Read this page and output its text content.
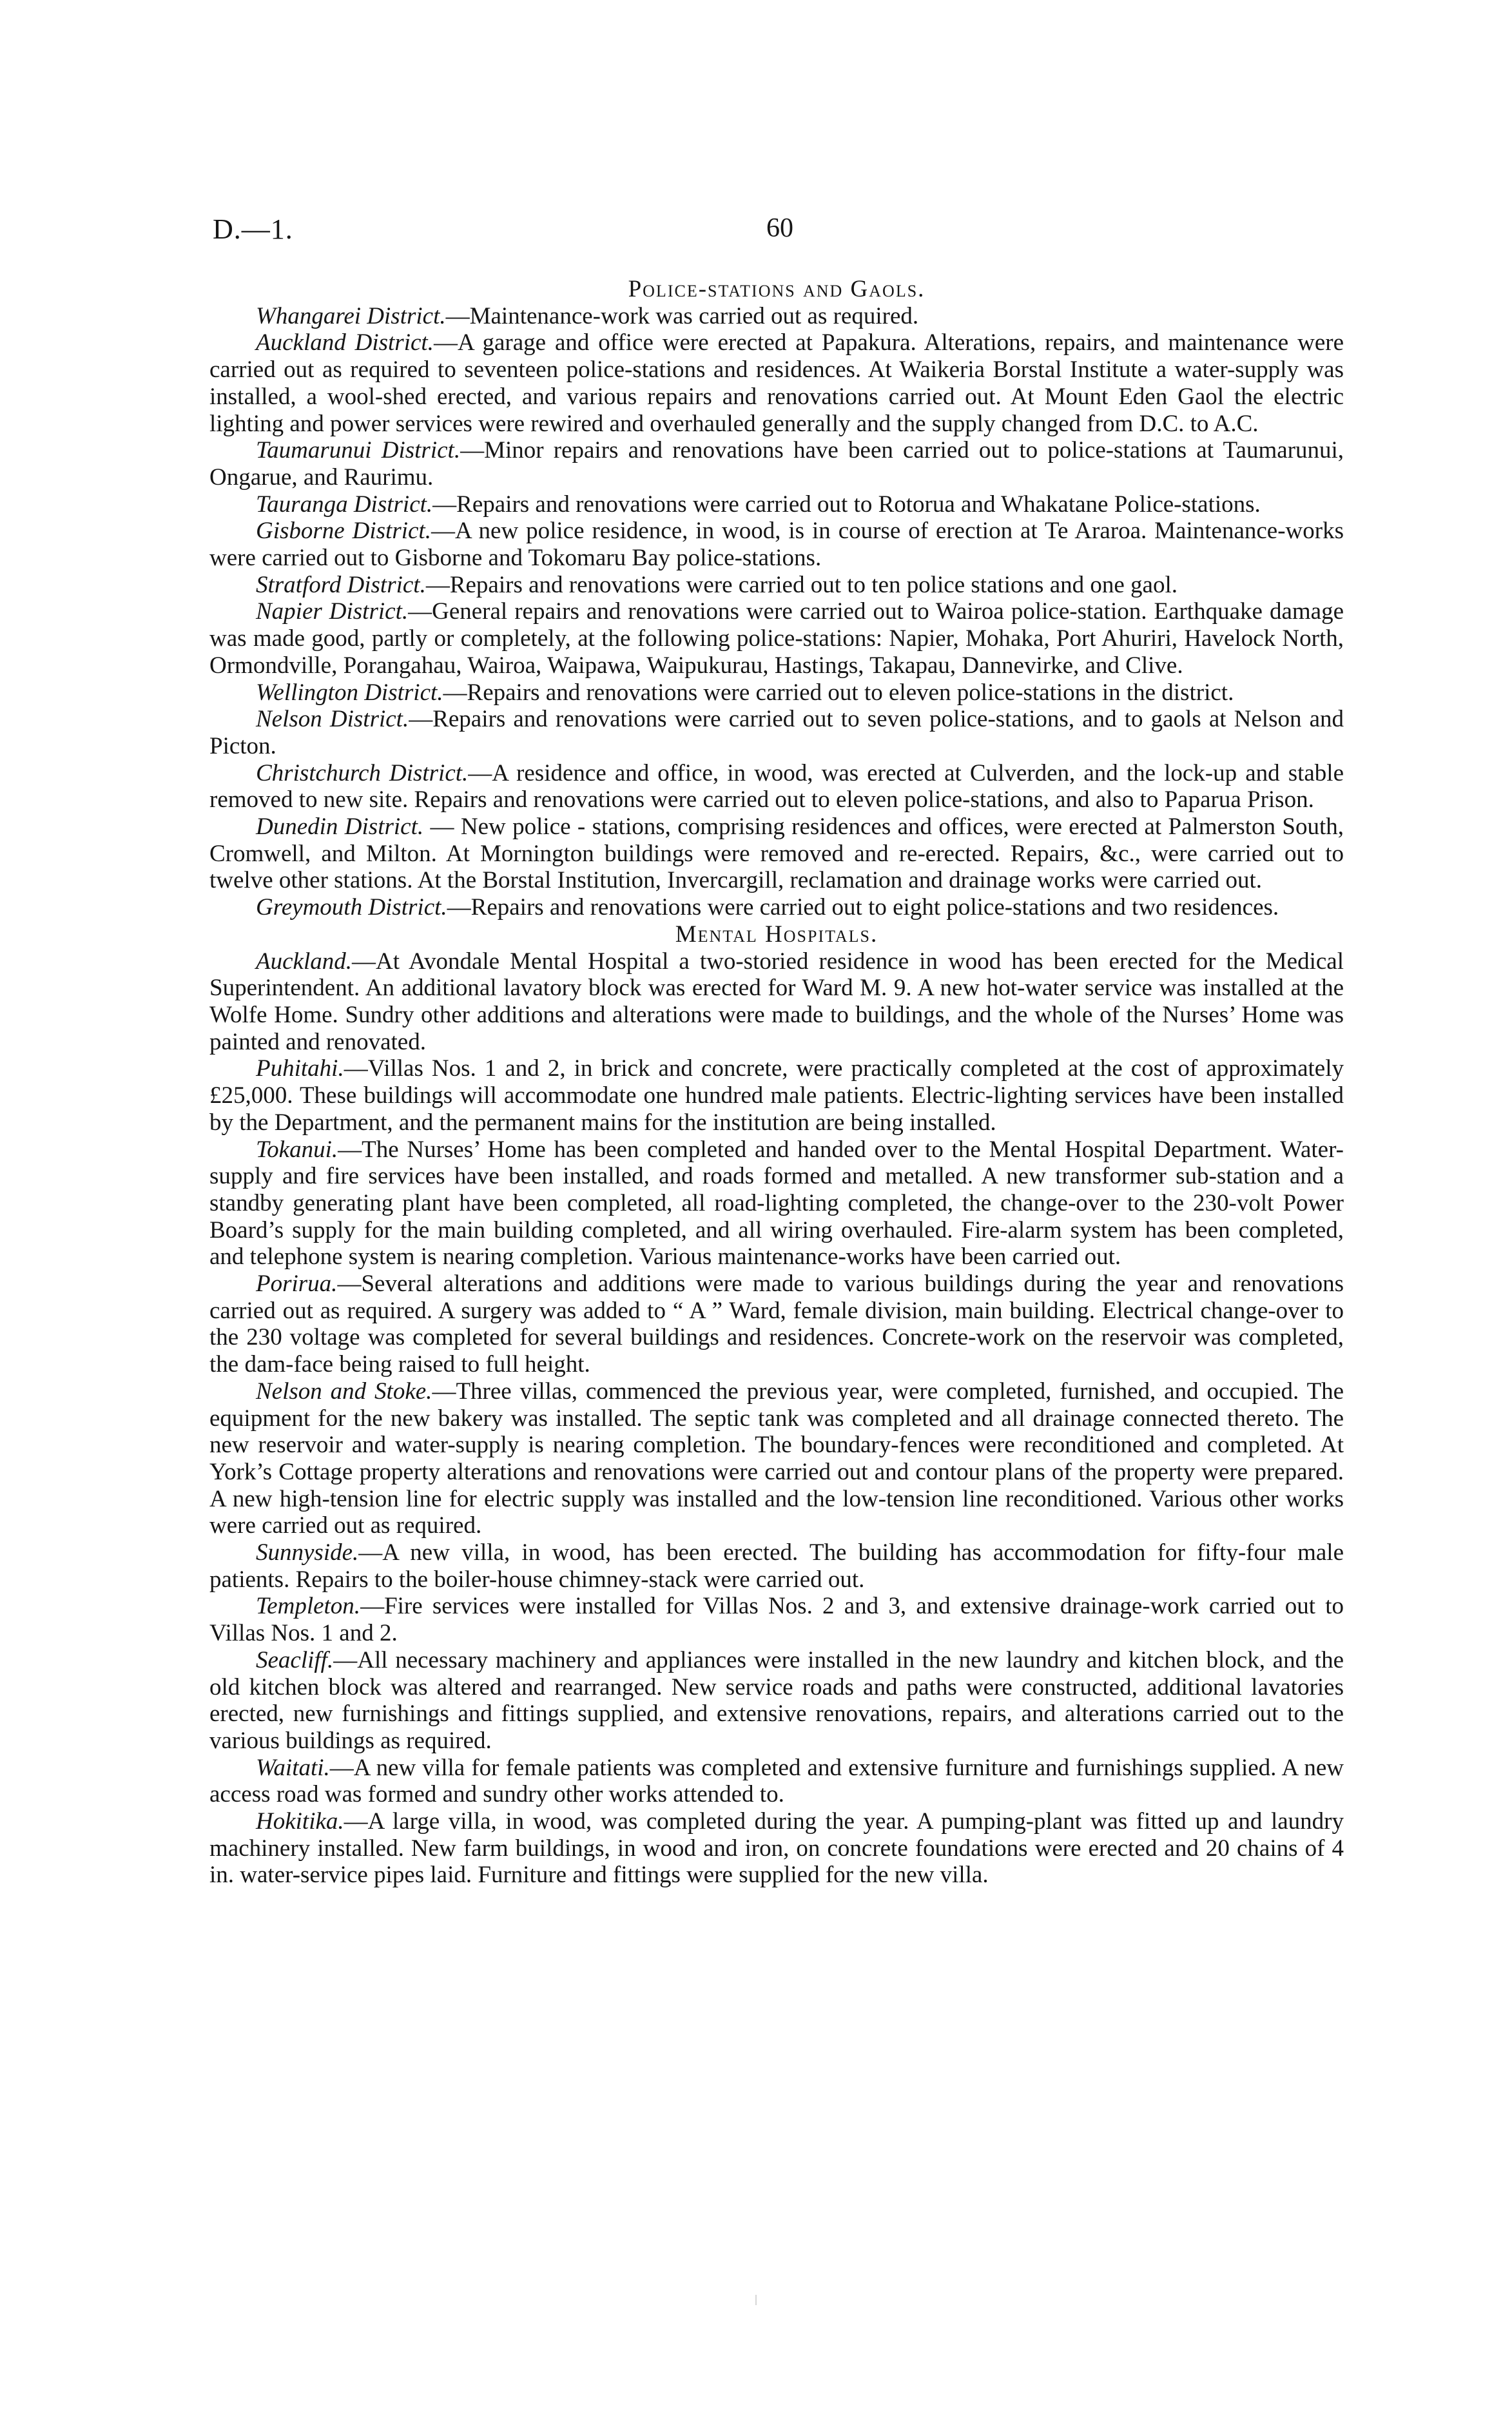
D.—1.	60
Police-stations and Gaols.

Whangarei District.—Maintenance-work was carried out as required.

Auckland District.—A garage and office were erected at Papakura. Alterations, repairs, and maintenance were carried out as required to seventeen police-stations and residences. At Waikeria Borstal Institute a water-supply was installed, a wool-shed erected, and various repairs and renovations carried out. At Mount Eden Gaol the electric lighting and power services were rewired and overhauled generally and the supply changed from D.C. to A.C.

Taumarunui District.—Minor repairs and renovations have been carried out to police-stations at Taumarunui, Ongarue, and Raurimu.

Tauranga District.—Repairs and renovations were carried out to Rotorua and Whakatane Police-stations.

Gisborne District.—A new police residence, in wood, is in course of erection at Te Araroa. Maintenance-works were carried out to Gisborne and Tokomaru Bay police-stations.

Stratford District.—Repairs and renovations were carried out to ten police stations and one gaol.

Napier District.—General repairs and renovations were carried out to Wairoa police-station. Earthquake damage was made good, partly or completely, at the following police-stations: Napier, Mohaka, Port Ahuriri, Havelock North, Ormondville, Porangahau, Wairoa, Waipawa, Waipukurau, Hastings, Takapau, Dannevirke, and Clive.

Wellington District.—Repairs and renovations were carried out to eleven police-stations in the district.

Nelson District.—Repairs and renovations were carried out to seven police-stations, and to gaols at Nelson and Picton.

Christchurch District.—A residence and office, in wood, was erected at Culverden, and the lock-up and stable removed to new site. Repairs and renovations were carried out to eleven police-stations, and also to Paparua Prison.

Dunedin District. — New police - stations, comprising residences and offices, were erected at Palmerston South, Cromwell, and Milton. At Mornington buildings were removed and re-erected. Repairs, &c., were carried out to twelve other stations. At the Borstal Institution, Invercargill, reclamation and drainage works were carried out.

Greymouth District.—Repairs and renovations were carried out to eight police-stations and two residences.

Mental Hospitals.

Auckland.—At Avondale Mental Hospital a two-storied residence in wood has been erected for the Medical Superintendent. An additional lavatory block was erected for Ward M. 9. A new hot-water service was installed at the Wolfe Home. Sundry other additions and alterations were made to buildings, and the whole of the Nurses’ Home was painted and renovated.

Puhitahi.—Villas Nos. 1 and 2, in brick and concrete, were practically completed at the cost of approximately £25,000. These buildings will accommodate one hundred male patients. Electric-lighting services have been installed by the Department, and the permanent mains for the institution are being installed.

Tokanui.—The Nurses’ Home has been completed and handed over to the Mental Hospital Department. Water-supply and fire services have been installed, and roads formed and metalled. A new transformer sub-station and a standby generating plant have been completed, all road-lighting completed, the change-over to the 230-volt Power Board’s supply for the main building completed, and all wiring overhauled. Fire-alarm system has been completed, and telephone system is nearing completion. Various maintenance-works have been carried out.

Porirua.—Several alterations and additions were made to various buildings during the year and renovations carried out as required. A surgery was added to “ A ” Ward, female division, main building. Electrical change-over to the 230 voltage was completed for several buildings and residences. Concrete-work on the reservoir was completed, the dam-face being raised to full height.

Nelson and Stoke.—Three villas, commenced the previous year, were completed, furnished, and occupied. The equipment for the new bakery was installed. The septic tank was completed and all drainage connected thereto. The new reservoir and water-supply is nearing completion. The boundary-fences were reconditioned and completed. At York’s Cottage property alterations and renovations were carried out and contour plans of the property were prepared. A new high-tension line for electric supply was installed and the low-tension line reconditioned. Various other works were carried out as required.

Sunnyside.—A new villa, in wood, has been erected. The building has accommodation for fifty-four male patients. Repairs to the boiler-house chimney-stack were carried out.

Templeton.—Fire services were installed for Villas Nos. 2 and 3, and extensive drainage-work carried out to Villas Nos. 1 and 2.

Seacliff.—All necessary machinery and appliances were installed in the new laundry and kitchen block, and the old kitchen block was altered and rearranged. New service roads and paths were constructed, additional lavatories erected, new furnishings and fittings supplied, and extensive renovations, repairs, and alterations carried out to the various buildings as required.

Waitati.—A new villa for female patients was completed and extensive furniture and furnishings supplied. A new access road was formed and sundry other works attended to.

Hokitika.—A large villa, in wood, was completed during the year. A pumping-plant was fitted up and laundry machinery installed. New farm buildings, in wood and iron, on concrete foundations were erected and 20 chains of 4 in. water-service pipes laid. Furniture and fittings were supplied for the new villa.
